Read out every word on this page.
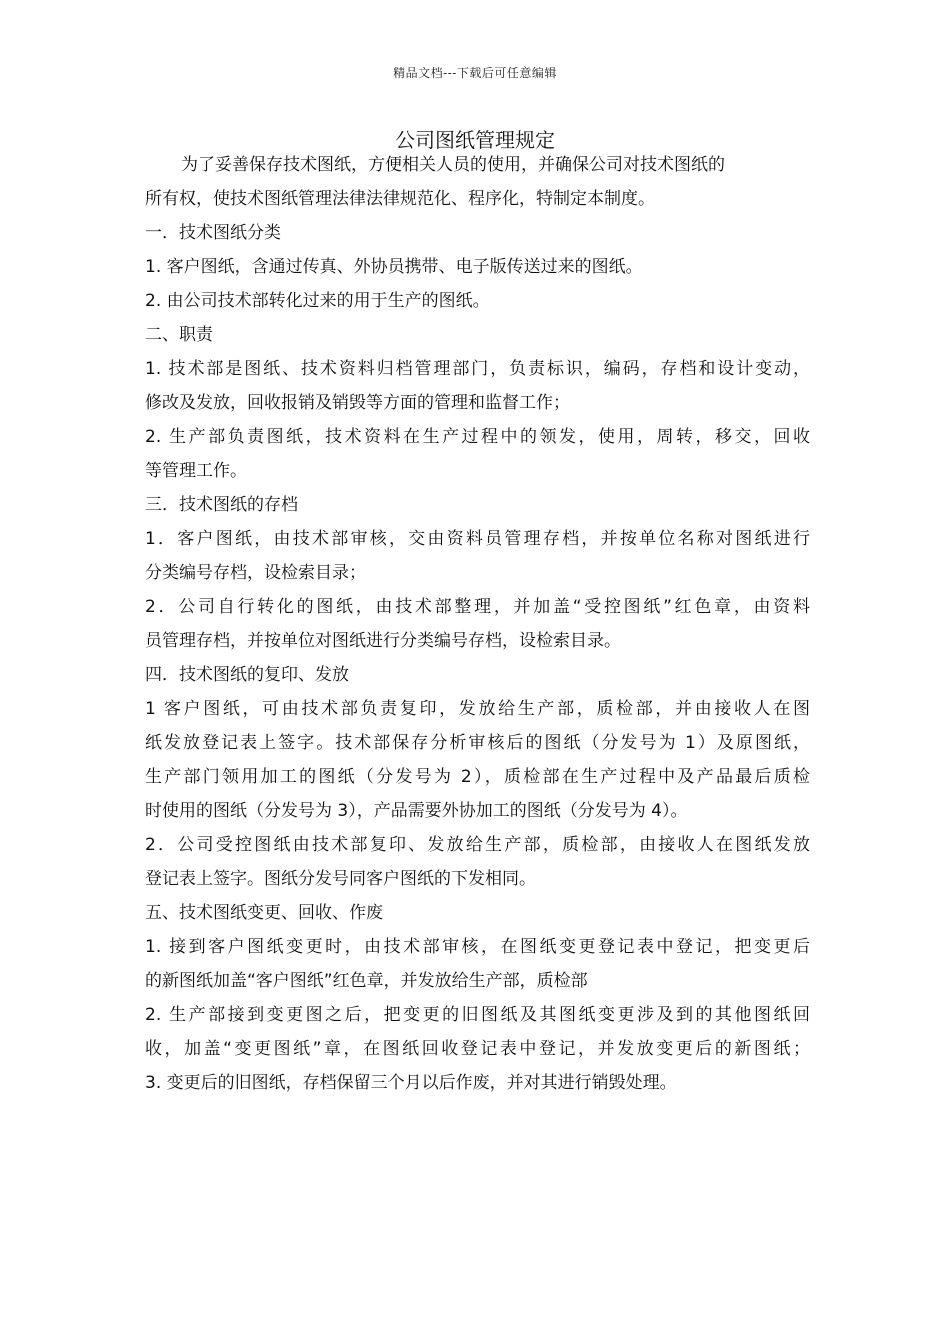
精品文档---下载后可任意编辑
公司图纸管理规定
为了妥善保存技术图纸，方便相关人员的使用，并确保公司对技术图纸的
所有权，使技术图纸管理法律法律规范化、程序化，特制定本制度。
一．技术图纸分类
1. 客户图纸，含通过传真、外协员携带、电子版传送过来的图纸。
2. 由公司技术部转化过来的用于生产的图纸。
二、职责
1. 技术部是图纸、技术资料归档管理部门，负责标识，编码，存档和设计变动，
修改及发放，回收报销及销毁等方面的管理和监督工作；
2. 生产部负责图纸，技术资料在生产过程中的领发，使用，周转，移交，回收
等管理工作。
三．技术图纸的存档
1．客户图纸，由技术部审核，交由资料员管理存档，并按单位名称对图纸进行
分类编号存档，设检索目录；
2．公司自行转化的图纸，由技术部整理，并加盖“受控图纸”红色章，由资料
员管理存档，并按单位对图纸进行分类编号存档，设检索目录。
四．技术图纸的复印、发放
1 客户图纸，可由技术部负责复印，发放给生产部，质检部，并由接收人在图
纸发放登记表上签字。技术部保存分析审核后的图纸（分发号为 1）及原图纸，
生产部门领用加工的图纸（分发号为 2），质检部在生产过程中及产品最后质检
时使用的图纸（分发号为 3），产品需要外协加工的图纸（分发号为 4）。
2．公司受控图纸由技术部复印、发放给生产部，质检部，由接收人在图纸发放
登记表上签字。图纸分发号同客户图纸的下发相同。
五、技术图纸变更、回收、作废
1. 接到客户图纸变更时，由技术部审核，在图纸变更登记表中登记，把变更后
的新图纸加盖“客户图纸”红色章，并发放给生产部，质检部
2. 生产部接到变更图之后，把变更的旧图纸及其图纸变更涉及到的其他图纸回
收，加盖“变更图纸”章，在图纸回收登记表中登记，并发放变更后的新图纸；
3. 变更后的旧图纸，存档保留三个月以后作废，并对其进行销毁处理。
